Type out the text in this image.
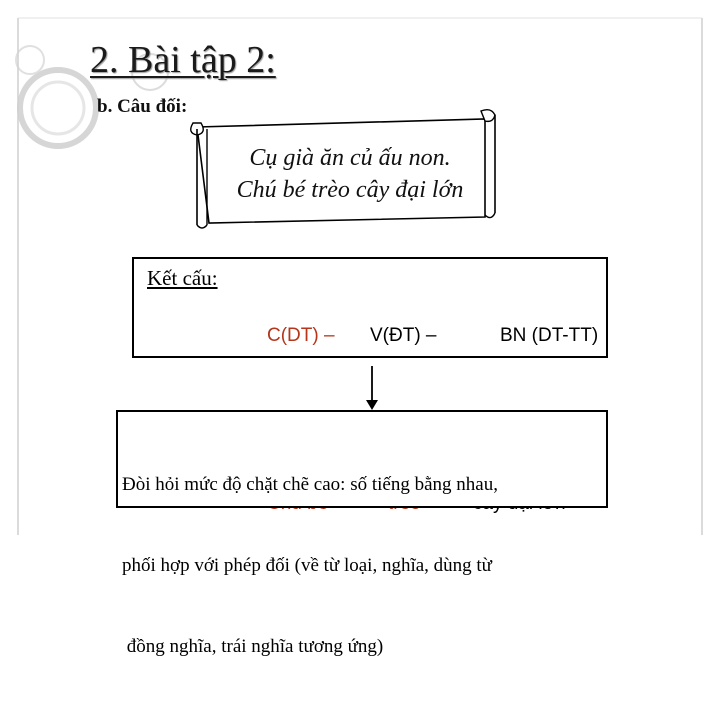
2. Bài tập 2:
b. Câu đối:
Cụ già ăn củ ấu non.
Chú bé trèo cây đại lớn
Kết cấu:

C(DT) –

V(ĐT) –

	BN (DT-TT)

Đòi hỏi mức độ chặt chẽ cao: số tiếng bằng nhau,

phối hợp với phép đối (về từ loại, nghĩa, dùng từ

đồng nghĩa, trái nghĩa tương ứng)
